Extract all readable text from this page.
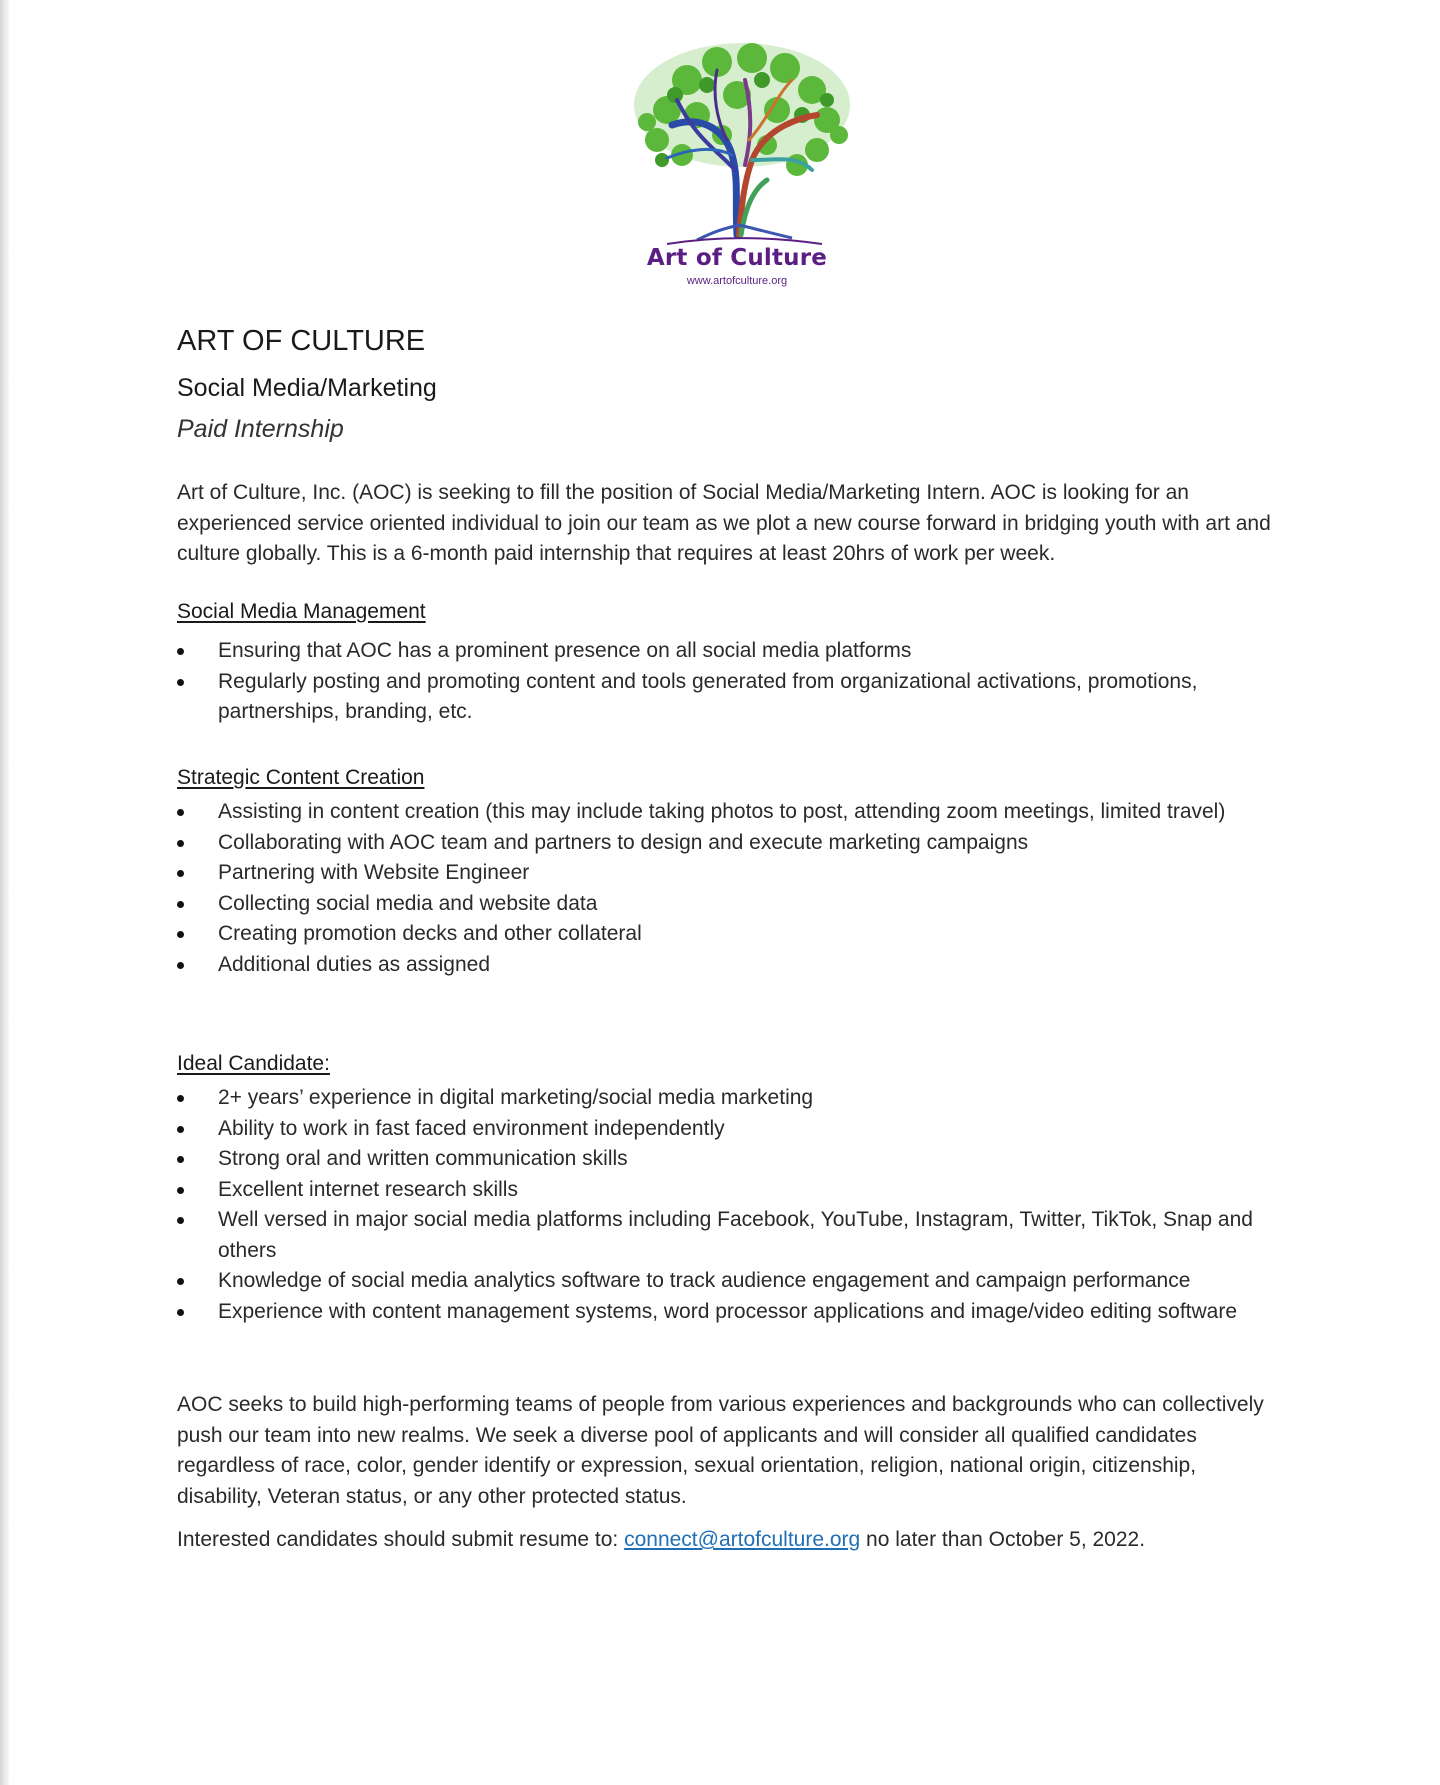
Art of Culture
www.artofculture.org
ART OF CULTURE
Social Media/Marketing
Paid Internship

Art of Culture, Inc. (AOC) is seeking to fill the position of Social Media/Marketing Intern. AOC is looking for an experienced service oriented individual to join our team as we plot a new course forward in bridging youth with art and culture globally. This is a 6-month paid internship that requires at least 20hrs of work per week.

Social Media Management
Ensuring that AOC has a prominent presence on all social media platforms
Regularly posting and promoting content and tools generated from organizational activations, promotions, partnerships, branding, etc.
Strategic Content Creation
Assisting in content creation (this may include taking photos to post, attending zoom meetings, limited travel)
Collaborating with AOC team and partners to design and execute marketing campaigns
Partnering with Website Engineer
Collecting social media and website data
Creating promotion decks and other collateral
Additional duties as assigned
Ideal Candidate:
2+ years’ experience in digital marketing/social media marketing
Ability to work in fast faced environment independently
Strong oral and written communication skills
Excellent internet research skills
Well versed in major social media platforms including Facebook, YouTube, Instagram, Twitter, TikTok, Snap and others
Knowledge of social media analytics software to track audience engagement and campaign performance
Experience with content management systems, word processor applications and image/video editing software

AOC seeks to build high-performing teams of people from various experiences and backgrounds who can collectively push our team into new realms. We seek a diverse pool of applicants and will consider all qualified candidates regardless of race, color, gender identify or expression, sexual orientation, religion, national origin, citizenship, disability, Veteran status, or any other protected status.

Interested candidates should submit resume to: connect@artofculture.org no later than October 5, 2022.
